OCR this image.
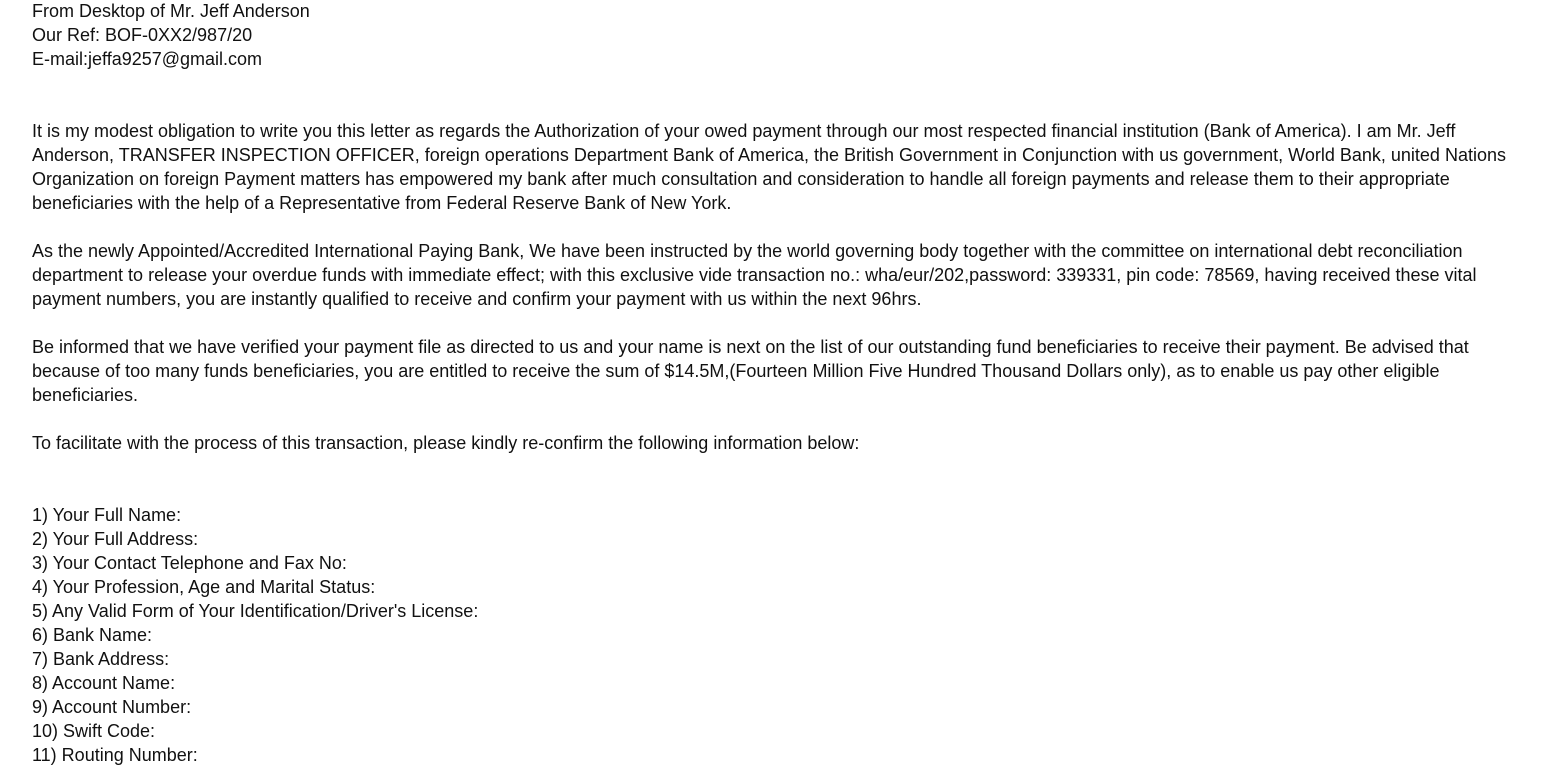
From Desktop of Mr. Jeff Anderson
Our Ref: BOF-0XX2/987/20
E-mail:jeffa9257@gmail.com

It is my modest obligation to write you this letter as regards the Authorization of your owed payment through our most respected financial institution (Bank of America). I am Mr. Jeff Anderson, TRANSFER INSPECTION OFFICER, foreign operations Department Bank of America, the British Government in Conjunction with us government, World Bank, united Nations Organization on foreign Payment matters has empowered my bank after much consultation and consideration to handle all foreign payments and release them to their appropriate beneficiaries with the help of a Representative from Federal Reserve Bank of New York.

As the newly Appointed/Accredited International Paying Bank, We have been instructed by the world governing body together with the committee on international debt reconciliation department to release your overdue funds with immediate effect; with this exclusive vide transaction no.: wha/eur/202,password: 339331, pin code: 78569, having received these vital payment numbers, you are instantly qualified to receive and confirm your payment with us within the next 96hrs.

Be informed that we have verified your payment file as directed to us and your name is next on the list of our outstanding fund beneficiaries to receive their payment. Be advised that because of too many funds beneficiaries, you are entitled to receive the sum of $14.5M,(Fourteen Million Five Hundred Thousand Dollars only), as to enable us pay other eligible beneficiaries.

To facilitate with the process of this transaction, please kindly re-confirm the following information below:

1) Your Full Name:
2) Your Full Address:
3) Your Contact Telephone and Fax No:
4) Your Profession, Age and Marital Status:
5) Any Valid Form of Your Identification/Driver's License:
6) Bank Name:
7) Bank Address:
8) Account Name:
9) Account Number:
10) Swift Code:
11) Routing Number:
